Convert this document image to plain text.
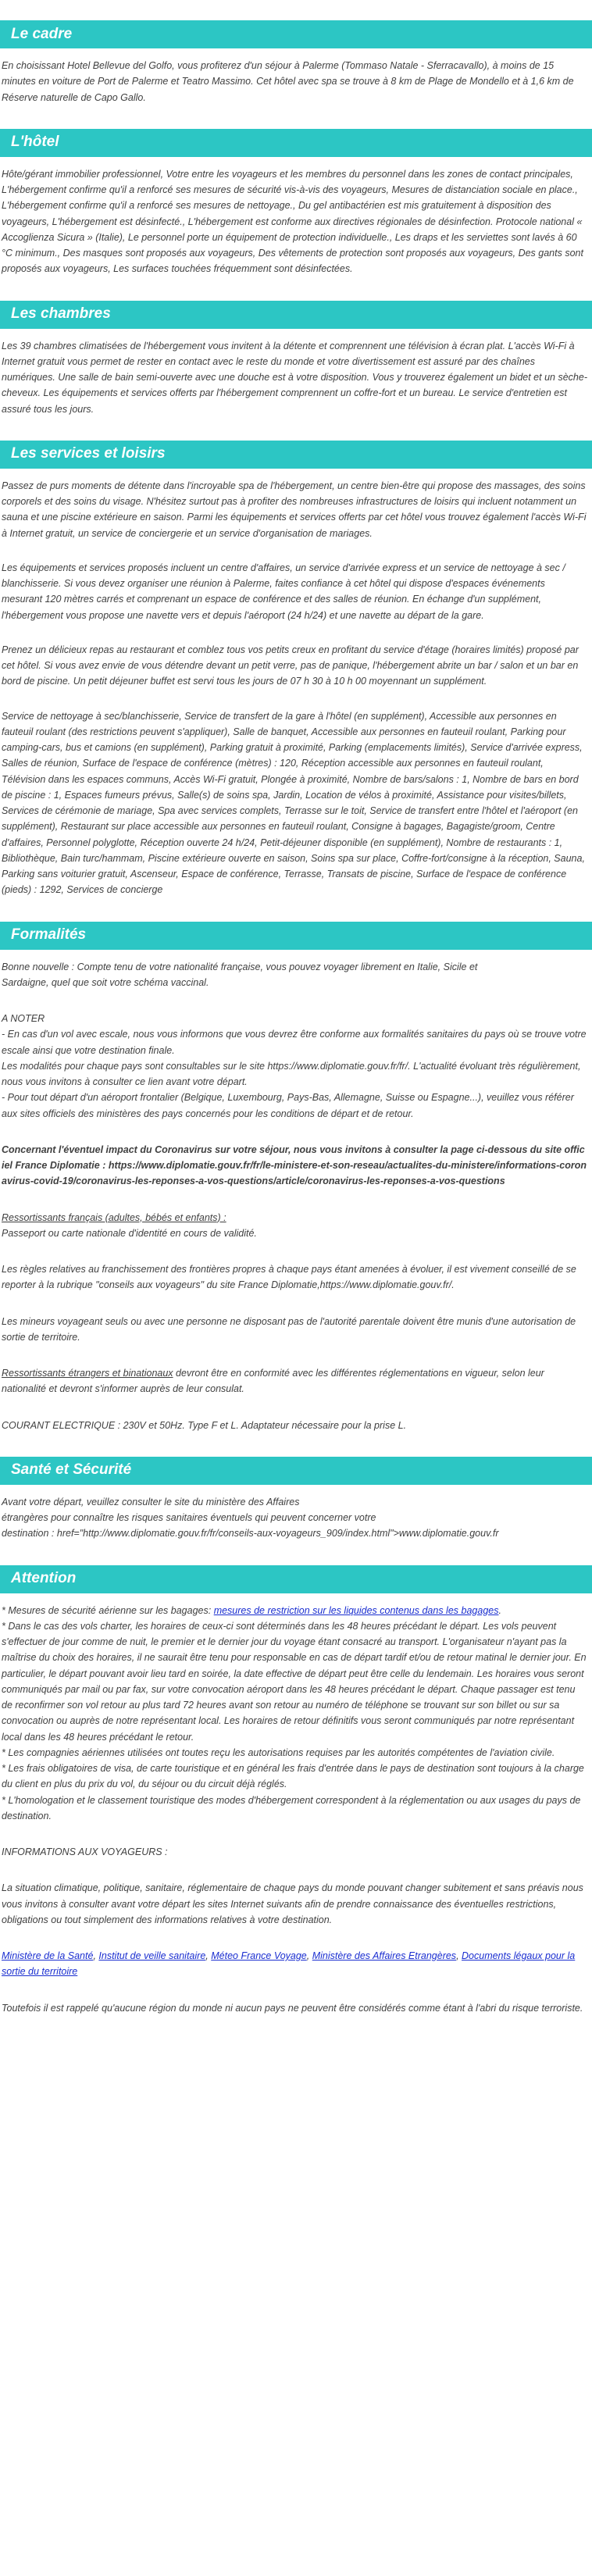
Le cadre

En choisissant Hotel Bellevue del Golfo, vous profiterez d'un séjour à Palerme (Tommaso Natale - Sferracavallo), à moins de 15 minutes en voiture de Port de Palerme et Teatro Massimo. Cet hôtel avec spa se trouve à 8 km de Plage de Mondello et à 1,6 km de Réserve naturelle de Capo Gallo.

L'hôtel

Hôte/gérant immobilier professionnel, Votre entre les voyageurs et les membres du personnel dans les zones de contact principales, L'hébergement confirme qu'il a renforcé ses mesures de sécurité vis-à-vis des voyageurs, Mesures de distanciation sociale en place., L'hébergement confirme qu'il a renforcé ses mesures de nettoyage., Du gel antibactérien est mis gratuitement à disposition des voyageurs, L'hébergement est désinfecté., L'hébergement est conforme aux directives régionales de désinfection. Protocole national « Accoglienza Sicura » (Italie), Le personnel porte un équipement de protection individuelle., Les draps et les serviettes sont lavés à 60 °C minimum., Des masques sont proposés aux voyageurs, Des vêtements de protection sont proposés aux voyageurs, Des gants sont proposés aux voyageurs, Les surfaces touchées fréquemment sont désinfectées.

Les chambres

Les 39 chambres climatisées de l'hébergement vous invitent à la détente et comprennent une télévision à écran plat. L'accès Wi-Fi à Internet gratuit vous permet de rester en contact avec le reste du monde et votre divertissement est assuré par des chaînes numériques. Une salle de bain semi-ouverte avec une douche est à votre disposition. Vous y trouverez également un bidet et un sèche-cheveux. Les équipements et services offerts par l'hébergement comprennent un coffre-fort et un bureau. Le service d'entretien est assuré tous les jours.

Les services et loisirs

Passez de purs moments de détente dans l'incroyable spa de l'hébergement, un centre bien-être qui propose des massages, des soins corporels et des soins du visage. N'hésitez surtout pas à profiter des nombreuses infrastructures de loisirs qui incluent notamment un sauna et une piscine extérieure en saison. Parmi les équipements et services offerts par cet hôtel vous trouvez également l'accès Wi-Fi à Internet gratuit, un service de conciergerie et un service d'organisation de mariages.

Les équipements et services proposés incluent un centre d'affaires, un service d'arrivée express et un service de nettoyage à sec / blanchisserie. Si vous devez organiser une réunion à Palerme, faites confiance à cet hôtel qui dispose d'espaces événements mesurant 120 mètres carrés et comprenant un espace de conférence et des salles de réunion. En échange d'un supplément, l'hébergement vous propose une navette vers et depuis l'aéroport (24 h/24) et une navette au départ de la gare.

Prenez un délicieux repas au restaurant et comblez tous vos petits creux en profitant du service d'étage (horaires limités) proposé par cet hôtel. Si vous avez envie de vous détendre devant un petit verre, pas de panique, l'hébergement abrite un bar / salon et un bar en bord de piscine. Un petit déjeuner buffet est servi tous les jours de 07 h 30 à 10 h 00 moyennant un supplément.

Service de nettoyage à sec/blanchisserie, Service de transfert de la gare à l'hôtel (en supplément), Accessible aux personnes en fauteuil roulant (des restrictions peuvent s'appliquer), Salle de banquet, Accessible aux personnes en fauteuil roulant, Parking pour camping-cars, bus et camions (en supplément), Parking gratuit à proximité, Parking (emplacements limités), Service d'arrivée express, Salles de réunion, Surface de l'espace de conférence (mètres) : 120, Réception accessible aux personnes en fauteuil roulant, Télévision dans les espaces communs, Accès Wi-Fi gratuit, Plongée à proximité, Nombre de bars/salons : 1, Nombre de bars en bord de piscine : 1, Espaces fumeurs prévus, Salle(s) de soins spa, Jardin, Location de vélos à proximité, Assistance pour visites/billets, Services de cérémonie de mariage, Spa avec services complets, Terrasse sur le toit, Service de transfert entre l'hôtel et l'aéroport (en supplément), Restaurant sur place accessible aux personnes en fauteuil roulant, Consigne à bagages, Bagagiste/groom, Centre d'affaires, Personnel polyglotte, Réception ouverte 24 h/24, Petit-déjeuner disponible (en supplément), Nombre de restaurants : 1, Bibliothèque, Bain turc/hammam, Piscine extérieure ouverte en saison, Soins spa sur place, Coffre-fort/consigne à la réception, Sauna, Parking sans voiturier gratuit, Ascenseur, Espace de conférence, Terrasse, Transats de piscine, Surface de l'espace de conférence (pieds) : 1292, Services de concierge

Formalités

Bonne nouvelle : Compte tenu de votre nationalité française, vous pouvez voyager librement en Italie, Sicile et
Sardaigne, quel que soit votre schéma vaccinal.

A NOTER
- En cas d'un vol avec escale, nous vous informons que vous devrez être conforme aux formalités sanitaires du pays où se trouve votre escale ainsi que votre destination finale.
Les modalités pour chaque pays sont consultables sur le site https://www.diplomatie.gouv.fr/fr/. L'actualité évoluant très régulièrement, nous vous invitons à consulter ce lien avant votre départ.
- Pour tout départ d'un aéroport frontalier (Belgique, Luxembourg, Pays-Bas, Allemagne, Suisse ou Espagne...), veuillez vous référer aux sites officiels des ministères des pays concernés pour les conditions de départ et de retour.

Concernant l'éventuel impact du Coronavirus sur votre séjour, nous vous invitons à consulter la page ci-dessous du site officiel France Diplomatie : https://www.diplomatie.gouv.fr/fr/le-ministere-et-son-reseau/actualites-du-ministere/informations-coronavirus-covid-19/coronavirus-les-reponses-a-vos-questions/article/coronavirus-les-reponses-a-vos-questions

Ressortissants français (adultes, bébés et enfants) :
Passeport ou carte nationale d'identité en cours de validité.

Les règles relatives au franchissement des frontières propres à chaque pays étant amenées à évoluer, il est vivement conseillé de se reporter à la rubrique "conseils aux voyageurs" du site France Diplomatie,https://www.diplomatie.gouv.fr/.

Les mineurs voyageant seuls ou avec une personne ne disposant pas de l'autorité parentale doivent être munis d'une autorisation de sortie de territoire.

Ressortissants étrangers et binationaux devront être en conformité avec les différentes réglementations en vigueur, selon leur nationalité et devront s'informer auprès de leur consulat.

COURANT ELECTRIQUE : 230V et 50Hz. Type F et L. Adaptateur nécessaire pour la prise L.

Santé et Sécurité

Avant votre départ, veuillez consulter le site du ministère des Affaires
étrangères pour connaître les risques sanitaires éventuels qui peuvent concerner votre
destination : href="http://www.diplomatie.gouv.fr/fr/conseils-aux-voyageurs_909/index.html">www.diplomatie.gouv.fr

Attention

* Mesures de sécurité aérienne sur les bagages: mesures de restriction sur les liquides contenus dans les bagages.
* Dans le cas des vols charter, les horaires de ceux-ci sont déterminés dans les 48 heures précédant le départ. Les vols peuvent s'effectuer de jour comme de nuit, le premier et le dernier jour du voyage étant consacré au transport. L'organisateur n'ayant pas la maîtrise du choix des horaires, il ne saurait être tenu pour responsable en cas de départ tardif et/ou de retour matinal le dernier jour. En particulier, le départ pouvant avoir lieu tard en soirée, la date effective de départ peut être celle du lendemain. Les horaires vous seront communiqués par mail ou par fax, sur votre convocation aéroport dans les 48 heures précédant le départ. Chaque passager est tenu de reconfirmer son vol retour au plus tard 72 heures avant son retour au numéro de téléphone se trouvant sur son billet ou sur sa convocation ou auprès de notre représentant local. Les horaires de retour définitifs vous seront communiqués par notre représentant local dans les 48 heures précédant le retour.
* Les compagnies aériennes utilisées ont toutes reçu les autorisations requises par les autorités compétentes de l'aviation civile.
* Les frais obligatoires de visa, de carte touristique et en général les frais d'entrée dans le pays de destination sont toujours à la charge du client en plus du prix du vol, du séjour ou du circuit déjà réglés.
* L'homologation et le classement touristique des modes d'hébergement correspondent à la réglementation ou aux usages du pays de destination.

INFORMATIONS AUX VOYAGEURS :

La situation climatique, politique, sanitaire, réglementaire de chaque pays du monde pouvant changer subitement et sans préavis nous vous invitons à consulter avant votre départ les sites Internet suivants afin de prendre connaissance des éventuelles restrictions, obligations ou tout simplement des informations relatives à votre destination.

Ministère de la Santé, Institut de veille sanitaire, Méteo France Voyage, Ministère des Affaires Etrangères, Documents légaux pour la sortie du territoire

Toutefois il est rappelé qu'aucune région du monde ni aucun pays ne peuvent être considérés comme étant à l'abri du risque terroriste.
